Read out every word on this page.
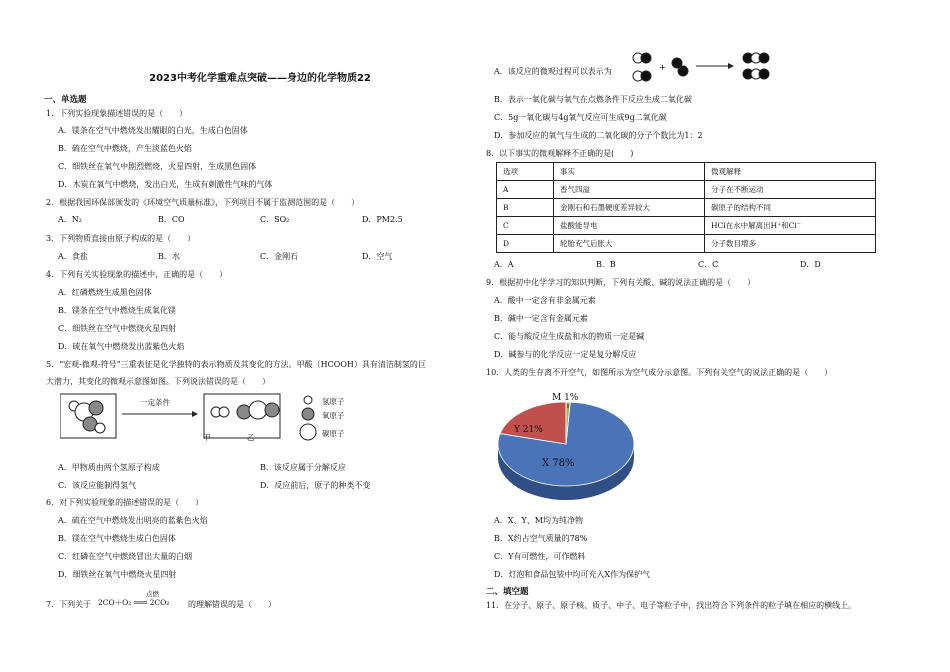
2023中考化学重难点突破——身边的化学物质22
一、单选题
1．下列实验现象描述错误的是（　　）
A．镁条在空气中燃烧发出耀眼的白光，生成白色固体
B．硫在空气中燃烧，产生淡蓝色火焰
C．细铁丝在氧气中剧烈燃烧，火星四射，生成黑色固体
D．木炭在氧气中燃烧，发出白光，生成有刺激性气味的气体
2．根据我国环保部颁发的《环境空气质量标准》，下列项目不属于监测范围的是（　　）
A．N₂	B．CO	C．SO₂	D．PM2.5
3．下列物质直接由原子构成的是（　　）
A．食盐	B．水	C．金刚石	D．空气
4．下列有关实验现象的描述中，正确的是（　　）
A．红磷燃烧生成黑色固体
B．镁条在空气中燃烧生成氧化镁
C．细铁丝在空气中燃烧火星四射
D．硫在氧气中燃烧发出蓝紫色火焰
5．“宏观-微观-符号”三重表征是化学独特的表示物质及其变化的方法。甲酸（HCOOH）具有清洁制氢的巨
大潜力，其变化的微观示意图如图。下列说法错误的是（　　）
一定条件
甲	乙
氢原子
氧原子
碳原子
A．甲物质由两个氢原子构成	B．该反应属于分解反应
C．该反应能制得氢气	D．反应前后，原子的种类不变
6．对下列实验现象的描述错误的是（　　）
A．硫在空气中燃烧发出明亮的蓝紫色火焰
B．镁在空气中燃烧生成白色固体
C．红磷在空气中燃烧冒出大量的白烟
D．细铁丝在氧气中燃烧火星四射
7．下列关于
点燃
2CO＋O₂ ═══ 2CO₂ 的理解错误的是（　　）
A．该反应的微观过程可以表示为	+
B．表示一氧化碳与氧气在点燃条件下反应生成二氧化碳
C．5g一氧化碳与4g氧气反应可生成9g二氧化碳
D．参加反应的氧气与生成的二氧化碳的分子个数比为1：2
8．以下事实的微观解释不正确的是(　　)
选项	事实	微观解释
A	香气四溢	分子在不断运动
B	金刚石和石墨硬度差异较大	碳原子的结构不同
C	盐酸能导电	HCl在水中解离出H⁺和Cl⁻
D	轮胎充气后胀大	分子数目增多
A．A	B．B	C．C	D．D
9．根据初中化学学习的知识判断，下列有关酸、碱的说法正确的是（　　）
A．酸中一定含有非金属元素
B．碱中一定含有金属元素
C．能与酸反应生成盐和水的物质一定是碱
D．碱参与的化学反应一定是复分解反应
10．人类的生存离不开空气，如图所示为空气成分示意图。下列有关空气的说法正确的是（　　）
X 78%
Y 21%
M 1%
A．X、Y、M均为纯净物
B．X约占空气质量的78%
C．Y有可燃性，可作燃料
D．灯泡和食品包装中均可充入X作为保护气
二、填空题
11．在分子、原子、原子核、质子、中子、电子等粒子中，找出符合下列条件的粒子填在相应的横线上。
